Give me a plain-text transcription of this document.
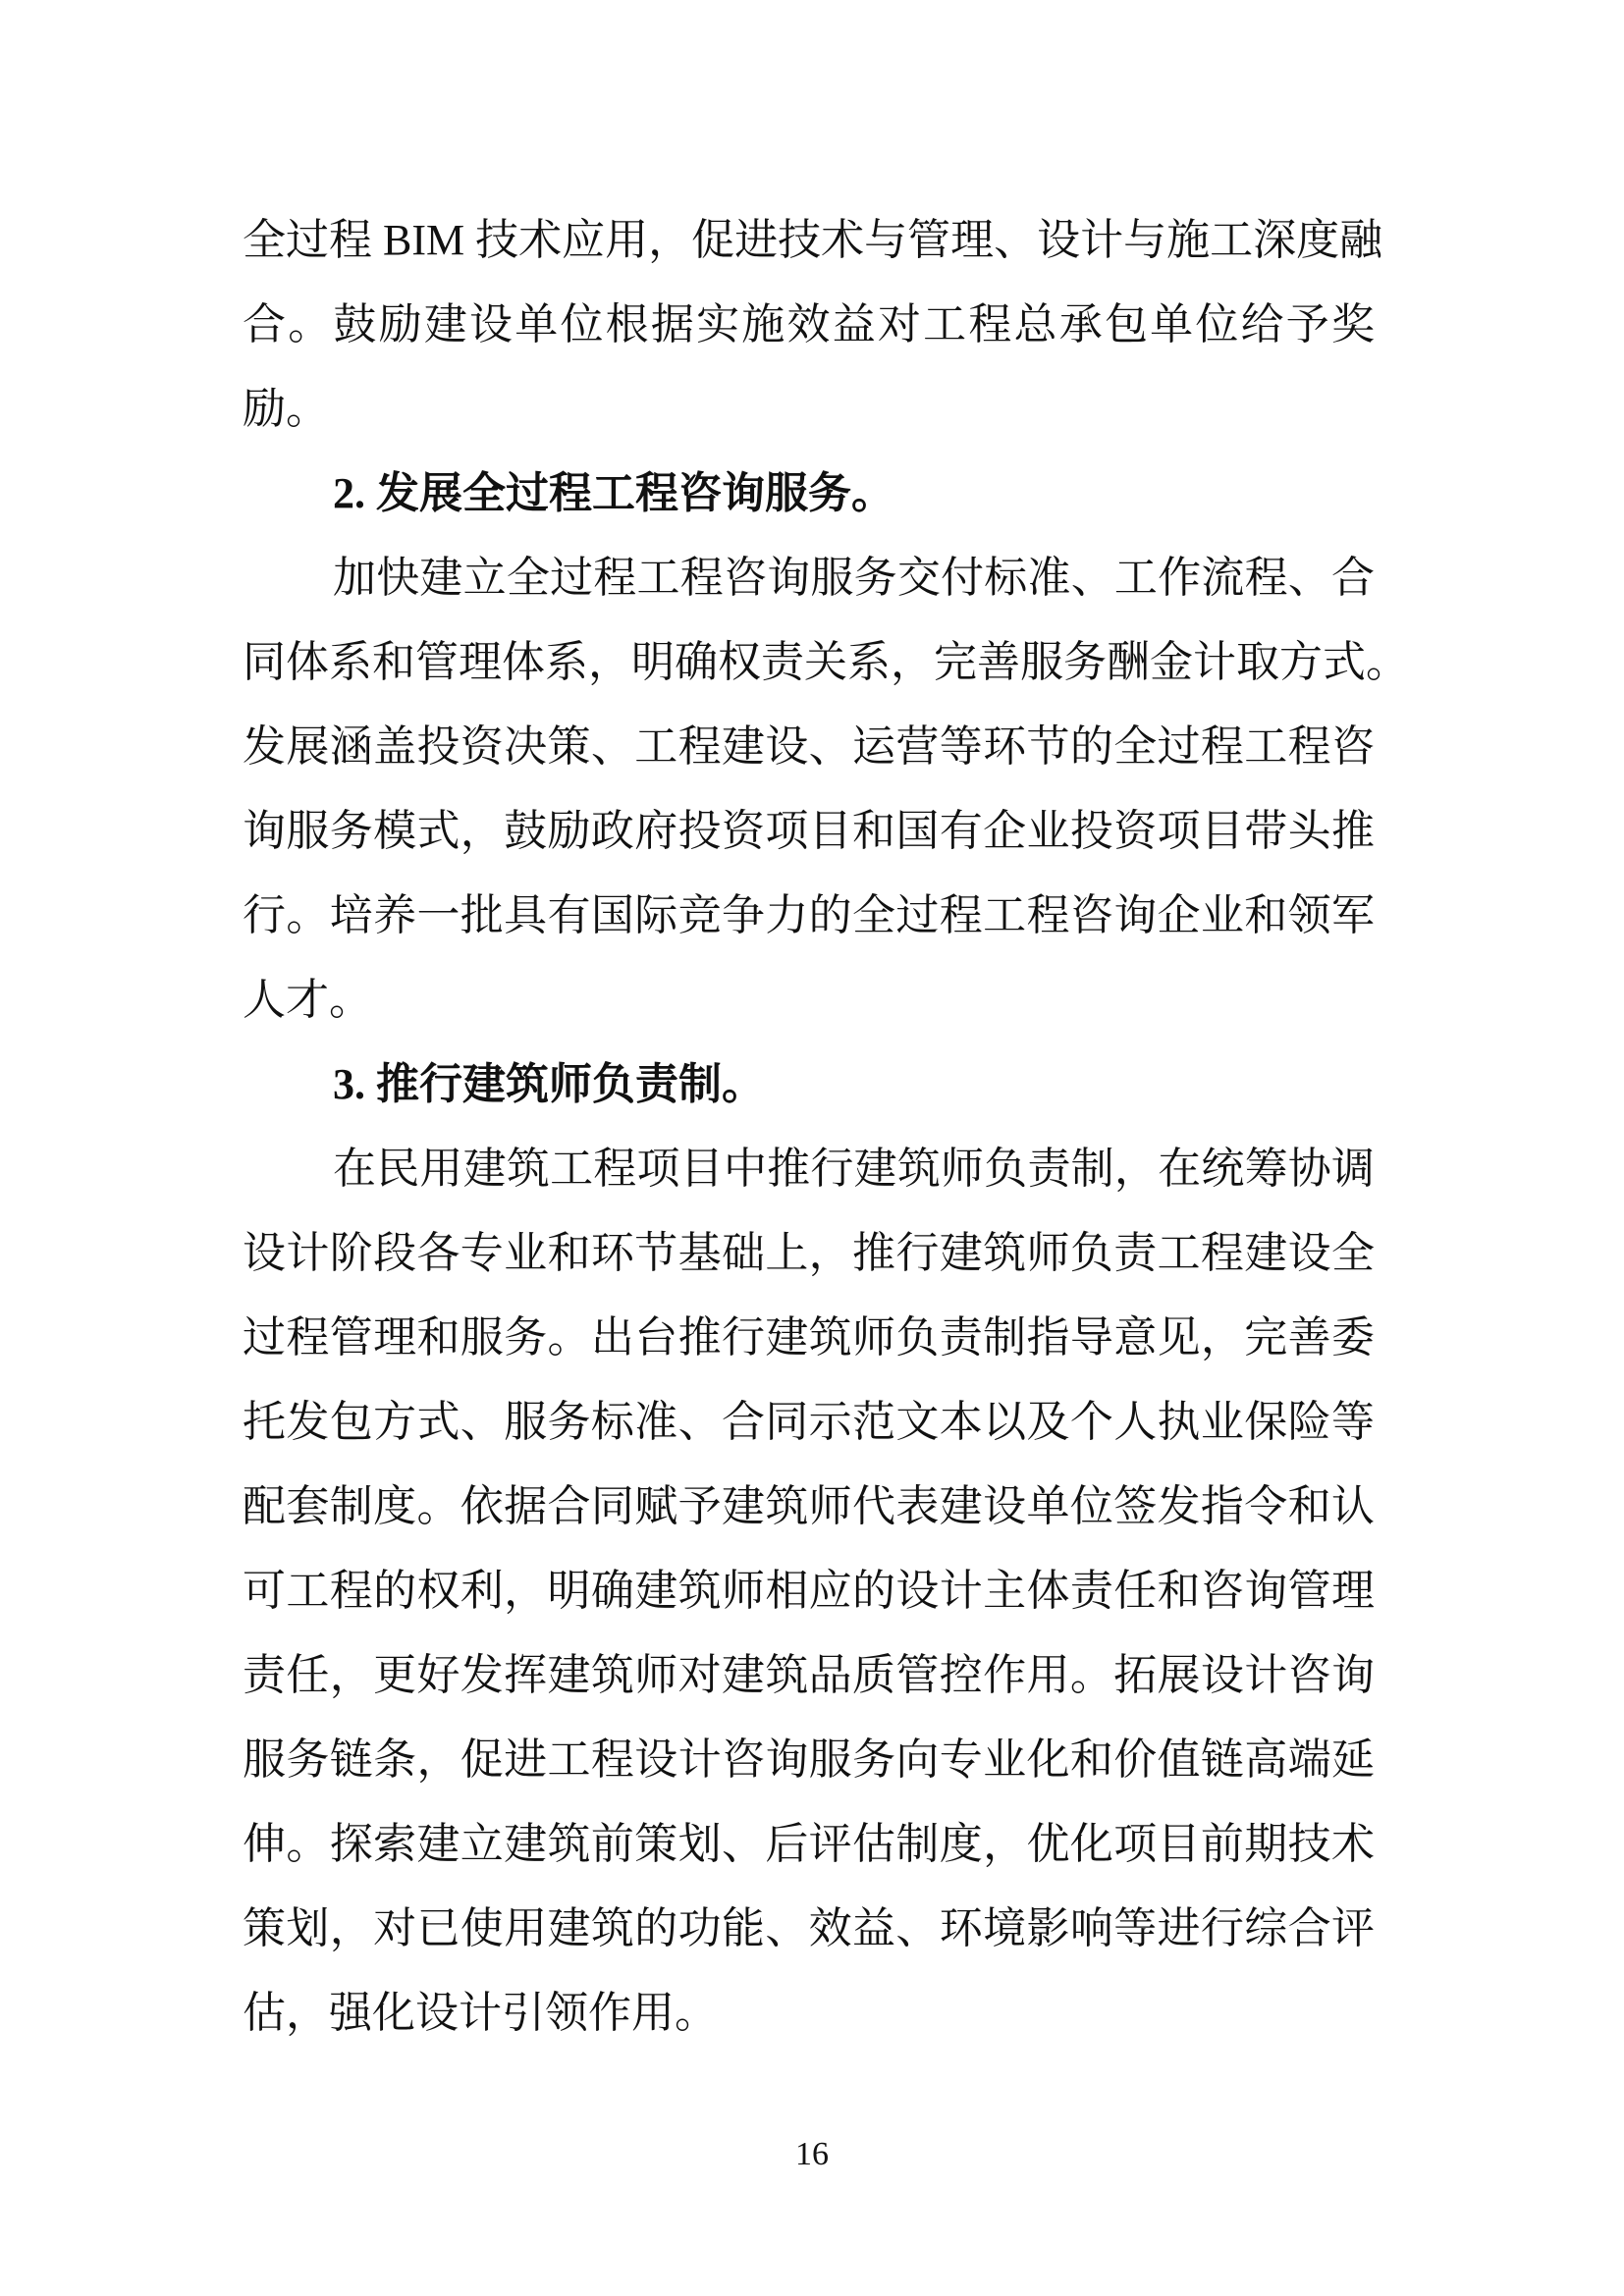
全过程 BIM 技术应用，促进技术与管理、设计与施工深度融
合。鼓励建设单位根据实施效益对工程总承包单位给予奖
励。
2. 发展全过程工程咨询服务。
加快建立全过程工程咨询服务交付标准、工作流程、合
同体系和管理体系，明确权责关系，完善服务酬金计取方式。
发展涵盖投资决策、工程建设、运营等环节的全过程工程咨
询服务模式，鼓励政府投资项目和国有企业投资项目带头推
行。培养一批具有国际竞争力的全过程工程咨询企业和领军
人才。
3. 推行建筑师负责制。
在民用建筑工程项目中推行建筑师负责制，在统筹协调
设计阶段各专业和环节基础上，推行建筑师负责工程建设全
过程管理和服务。出台推行建筑师负责制指导意见，完善委
托发包方式、服务标准、合同示范文本以及个人执业保险等
配套制度。依据合同赋予建筑师代表建设单位签发指令和认
可工程的权利，明确建筑师相应的设计主体责任和咨询管理
责任，更好发挥建筑师对建筑品质管控作用。拓展设计咨询
服务链条，促进工程设计咨询服务向专业化和价值链高端延
伸。探索建立建筑前策划、后评估制度，优化项目前期技术
策划，对已使用建筑的功能、效益、环境影响等进行综合评
估，强化设计引领作用。
16
